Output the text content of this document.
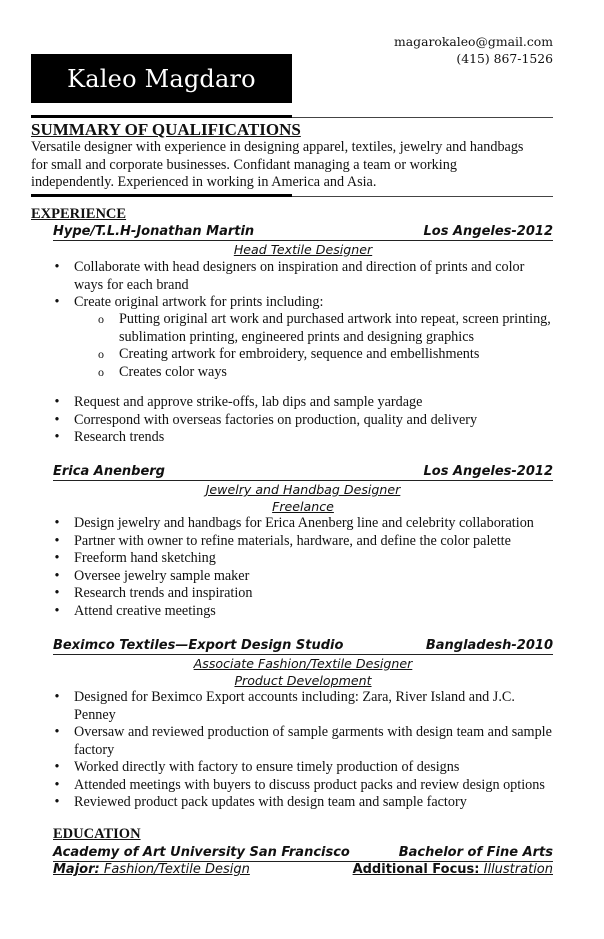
magarokaleo@gmail.com
(415) 867-1526
Kaleo Magdaro
SUMMARY OF QUALIFICATIONS
Versatile designer with experience in designing apparel, textiles, jewelry and handbags
for small and corporate businesses. Confidant managing a team or working
independently. Experienced in working in America and Asia.
EXPERIENCE
Hype/T.L.H-Jonathan Martin	Los Angeles-2012
Head Textile Designer
• Collaborate with head designers on inspiration and direction of prints and color ways for each brand
• Create original artwork for prints including:
o Putting original art work and purchased artwork into repeat, screen printing, sublimation printing, engineered prints and designing graphics
o Creating artwork for embroidery, sequence and embellishments
o Creates color ways
• Request and approve strike-offs, lab dips and sample yardage
• Correspond with overseas factories on production, quality and delivery
• Research trends
Erica Anenberg	Los Angeles-2012
Jewelry and Handbag Designer
Freelance
• Design jewelry and handbags for Erica Anenberg line and celebrity collaboration
• Partner with owner to refine materials, hardware, and define the color palette
• Freeform hand sketching
• Oversee jewelry sample maker
• Research trends and inspiration
• Attend creative meetings
Beximco Textiles—Export Design Studio	Bangladesh-2010
Associate Fashion/Textile Designer
Product Development
• Designed for Beximco Export accounts including: Zara, River Island and J.C. Penney
• Oversaw and reviewed production of sample garments with design team and sample factory
• Worked directly with factory to ensure timely production of designs
• Attended meetings with buyers to discuss product packs and review design options
• Reviewed product pack updates with design team and sample factory
EDUCATION
Academy of Art University San Francisco	Bachelor of Fine Arts
Major: Fashion/Textile Design	Additional Focus: Illustration
